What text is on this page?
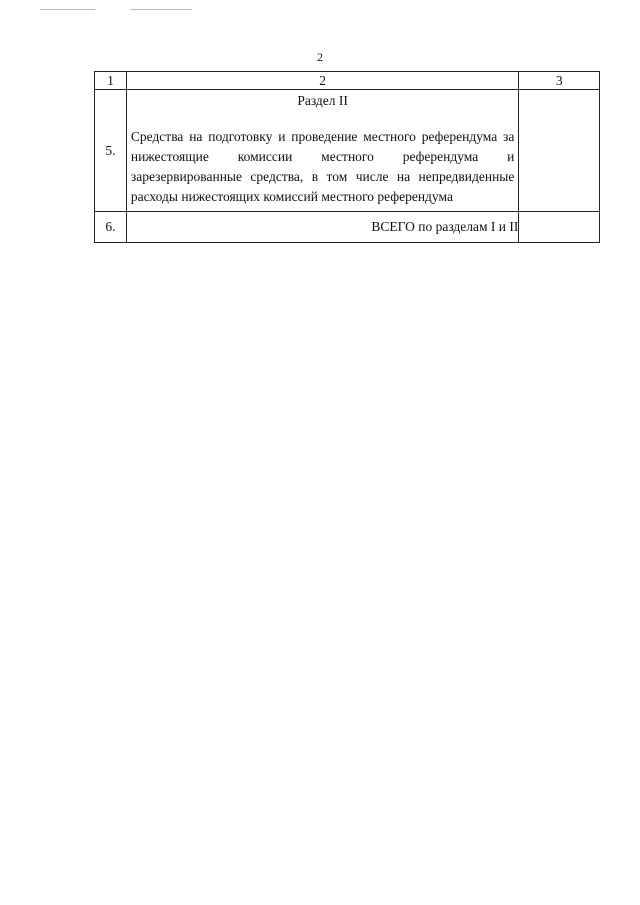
2
1	2	3
5.	Раздел II
Средства на подготовку и проведение местного референдума за нижестоящие комиссии местного референдума и зарезервированные средства, в том числе на непредвиденные расходы нижестоящих комиссий местного референдума	

6.	ВСЕГО по разделам I и II	
